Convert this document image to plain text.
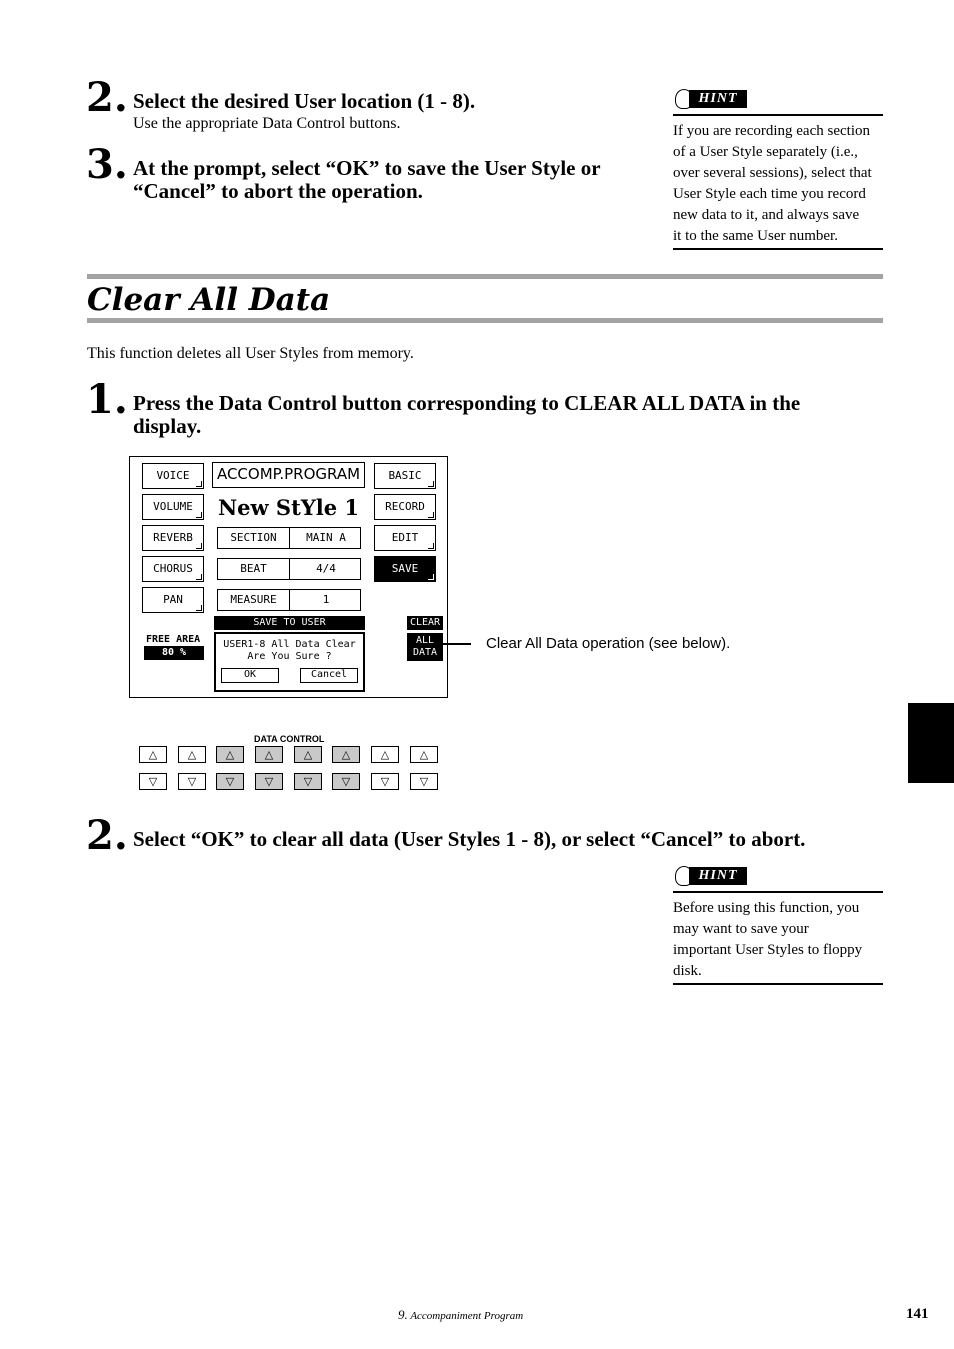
2. Select the desired User location (1 - 8).
Use the appropriate Data Control buttons.
3. At the prompt, select “OK” to save the User Style or
“Cancel” to abort the operation.
HINT
If you are recording each section
of a User Style separately (i.e.,
over several sessions), select that
User Style each time you record
new data to it, and always save
it to the same User number.
Clear All Data
This function deletes all User Styles from memory.
1. Press the Data Control button corresponding to CLEAR ALL DATA in the
display.
VOICE
VOLUME
REVERB
CHORUS
PAN
BASIC
RECORD
EDIT
SAVE
ACCOMP.PROGRAM
New StYle 1
SECTION	MAIN A
BEAT	4/4
MEASURE	1
SAVE TO USER
FREE AREA
80 %
USER1-8 All Data Clear
Are You Sure ?
OK	Cancel
CLEAR
ALL
DATA
Clear All Data operation (see below).
DATA CONTROL
△
▽
△
▽
△
▽
△
▽
△
▽
△
▽
△
▽
△
▽
2. Select “OK” to clear all data (User Styles 1 - 8), or select “Cancel” to abort.
HINT
Before using this function, you
may want to save your
important User Styles to floppy
disk.
9. Accompaniment Program	141
